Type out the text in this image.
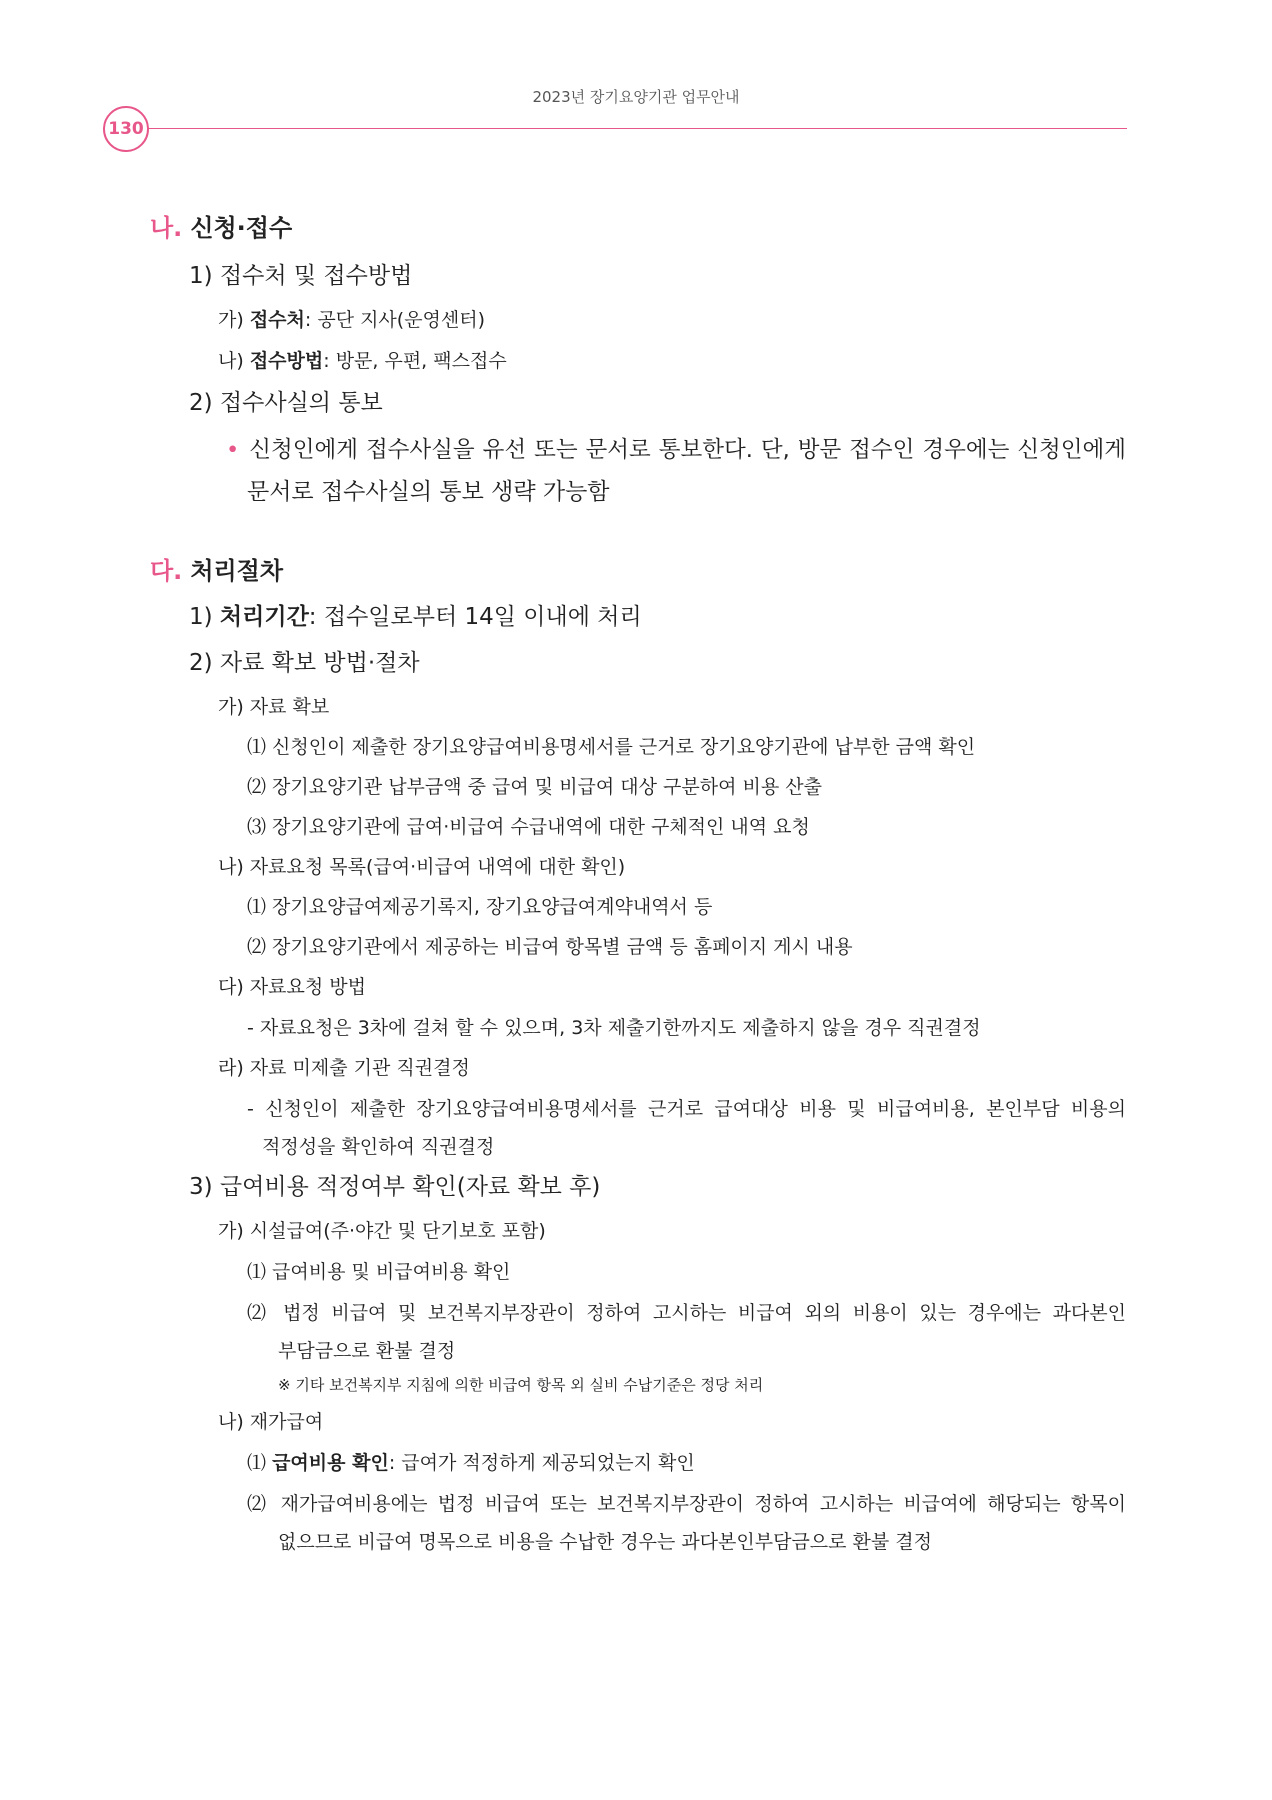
2023년 장기요양기관 업무안내
130
나. 신청·접수
1) 접수처 및 접수방법
가) 접수처: 공단 지사(운영센터)
나) 접수방법: 방문, 우편, 팩스접수
2) 접수사실의 통보
• 신청인에게 접수사실을 유선 또는 문서로 통보한다. 단, 방문 접수인 경우에는 신청인에게
문서로 접수사실의 통보 생략 가능함
다. 처리절차
1) 처리기간: 접수일로부터 14일 이내에 처리
2) 자료 확보 방법·절차
가) 자료 확보
⑴ 신청인이 제출한 장기요양급여비용명세서를 근거로 장기요양기관에 납부한 금액 확인
⑵ 장기요양기관 납부금액 중 급여 및 비급여 대상 구분하여 비용 산출
⑶ 장기요양기관에 급여·비급여 수급내역에 대한 구체적인 내역 요청
나) 자료요청 목록(급여·비급여 내역에 대한 확인)
⑴ 장기요양급여제공기록지, 장기요양급여계약내역서 등
⑵ 장기요양기관에서 제공하는 비급여 항목별 금액 등 홈페이지 게시 내용
다) 자료요청 방법
- 자료요청은 3차에 걸쳐 할 수 있으며, 3차 제출기한까지도 제출하지 않을 경우 직권결정
라) 자료 미제출 기관 직권결정
- 신청인이 제출한 장기요양급여비용명세서를 근거로 급여대상 비용 및 비급여비용, 본인부담 비용의
적정성을 확인하여 직권결정
3) 급여비용 적정여부 확인(자료 확보 후)
가) 시설급여(주·야간 및 단기보호 포함)
⑴ 급여비용 및 비급여비용 확인
⑵ 법정 비급여 및 보건복지부장관이 정하여 고시하는 비급여 외의 비용이 있는 경우에는 과다본인
부담금으로 환불 결정
※ 기타 보건복지부 지침에 의한 비급여 항목 외 실비 수납기준은 정당 처리
나) 재가급여
⑴ 급여비용 확인: 급여가 적정하게 제공되었는지 확인
⑵ 재가급여비용에는 법정 비급여 또는 보건복지부장관이 정하여 고시하는 비급여에 해당되는 항목이
없으므로 비급여 명목으로 비용을 수납한 경우는 과다본인부담금으로 환불 결정
